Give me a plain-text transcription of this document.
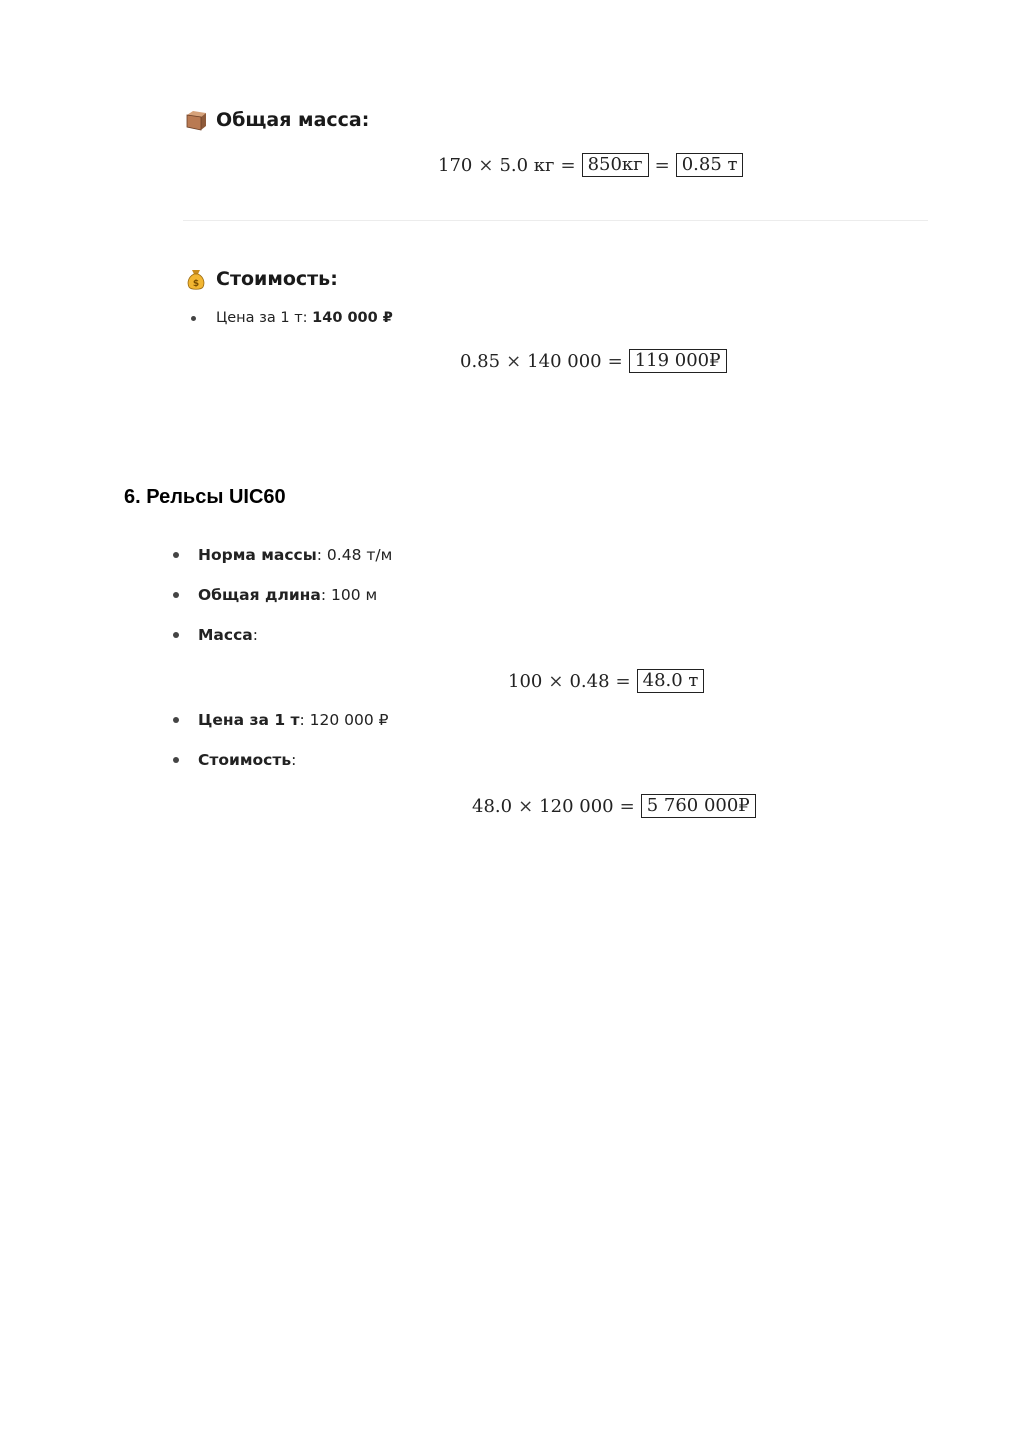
Общая масса:
170 × 5.0 кг = 850кг = 0.85 т
$ Стоимость:
Цена за 1 т:
140 000 ₽
0.85 × 140 000 = 119 000₽
6. Рельсы UIC60
Норма массы : 0.48 т/м
Общая длина : 100 м
Масса :
100 × 0.48 = 48.0 т
Цена за 1 т : 120 000 ₽
Стоимость :
48.0 × 120 000 = 5 760 000₽
